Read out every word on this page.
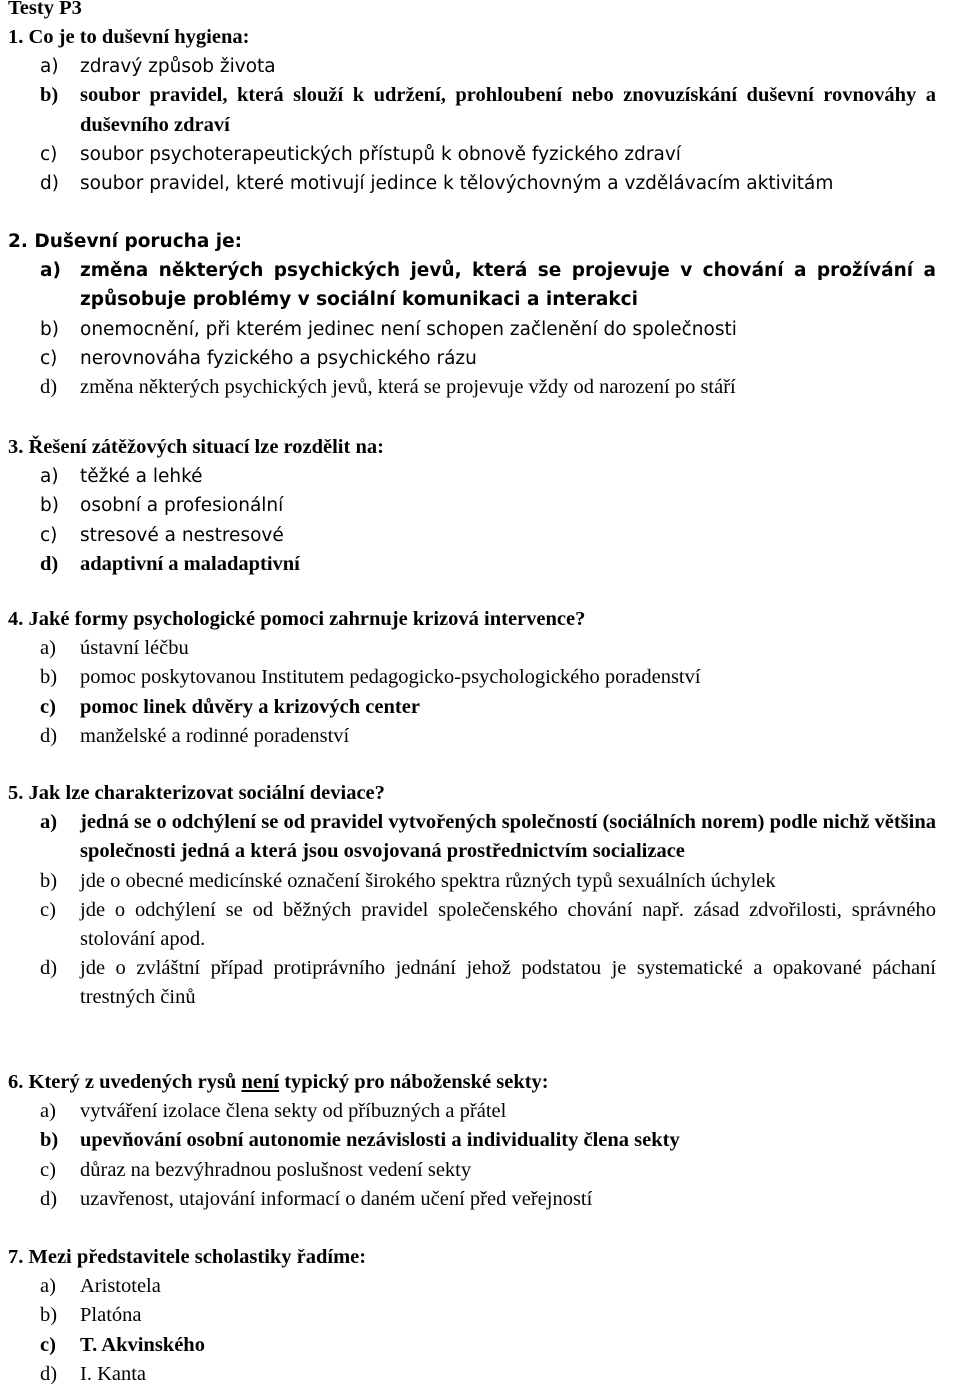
Testy P3
1. Co je to duševní hygiena:
a) zdravý způsob života
b) soubor pravidel, která slouží k udržení, prohloubení nebo znovuzískání duševní rovnováhy a duševního zdraví
c) soubor psychoterapeutických přístupů k obnově fyzického zdraví
d) soubor pravidel, které motivují jedince k tělovýchovným a vzdělávacím aktivitám
2. Duševní porucha je:
a) změna některých psychických jevů, která se projevuje v chování a prožívání a způsobuje problémy v sociální komunikaci a interakci
b) onemocnění, při kterém jedinec není schopen začlenění do společnosti
c) nerovnováha fyzického a psychického rázu
d) změna některých psychických jevů, která se projevuje vždy od narození po stáří
3. Řešení zátěžových situací lze rozdělit na:
a) těžké a lehké
b) osobní a profesionální
c) stresové a nestresové
d) adaptivní a maladaptivní
4. Jaké formy psychologické pomoci zahrnuje krizová intervence?
a) ústavní léčbu
b) pomoc poskytovanou Institutem pedagogicko-psychologického poradenství
c) pomoc linek důvěry a krizových center
d) manželské a rodinné poradenství
5. Jak lze charakterizovat sociální deviace?
a) jedná se o odchýlení se od pravidel vytvořených společností (sociálních norem) podle nichž většina společnosti jedná a která jsou osvojovaná prostřednictvím socializace
b) jde o obecné medicínské označení širokého spektra různých typů sexuálních úchylek
c) jde o odchýlení se od běžných pravidel společenského chování např. zásad zdvořilosti, správného stolování apod.
d) jde o zvláštní případ protiprávního jednání jehož podstatou je systematické a opakované páchaní trestných činů
6. Který z uvedených rysů není typický pro náboženské sekty:
a) vytváření izolace člena sekty od příbuzných a přátel
b) upevňování osobní autonomie nezávislosti a individuality člena sekty
c) důraz na bezvýhradnou poslušnost vedení sekty
d) uzavřenost, utajování informací o daném učení před veřejností
7. Mezi představitele scholastiky řadíme:
a) Aristotela
b) Platóna
c) T. Akvinského
d) I. Kanta
